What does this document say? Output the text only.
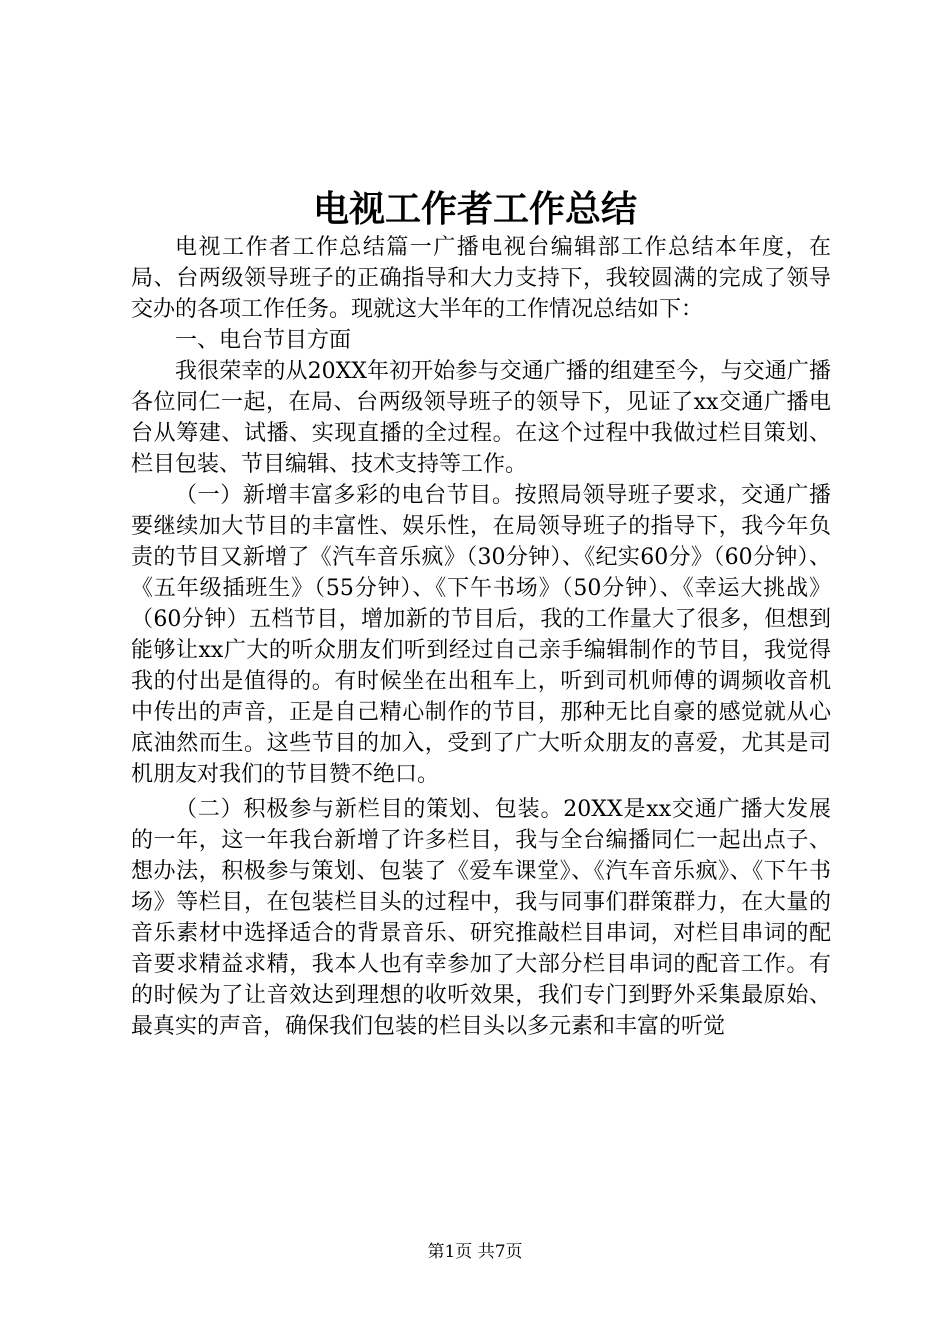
电视工作者工作总结

电视工作者工作总结篇一广播电视台编辑部工作总结本年度，在局、台两级领导班子的正确指导和大力支持下，我较圆满的完成了领导交办的各项工作任务。现就这大半年的工作情况总结如下：

一、电台节目方面

我很荣幸的从20XX年初开始参与交通广播的组建至今，与交通广播各位同仁一起，在局、台两级领导班子的领导下，见证了xx交通广播电台从筹建、试播、实现直播的全过程。在这个过程中我做过栏目策划、栏目包装、节目编辑、技术支持等工作。

（一）新增丰富多彩的电台节目。按照局领导班子要求，交通广播要继续加大节目的丰富性、娱乐性，在局领导班子的指导下，我今年负责的节目又新增了《汽车音乐疯》（30分钟）、《纪实60分》（60分钟）、《五年级插班生》（55分钟）、《下午书场》（50分钟）、《幸运大挑战》（60分钟）五档节目，增加新的节目后，我的工作量大了很多，但想到能够让xx广大的听众朋友们听到经过自己亲手编辑制作的节目，我觉得我的付出是值得的。有时候坐在出租车上，听到司机师傅的调频收音机中传出的声音，正是自己精心制作的节目，那种无比自豪的感觉就从心底油然而生。这些节目的加入，受到了广大听众朋友的喜爱，尤其是司机朋友对我们的节目赞不绝口。

（二）积极参与新栏目的策划、包装。20XX是xx交通广播大发展的一年，这一年我台新增了许多栏目，我与全台编播同仁一起出点子、想办法，积极参与策划、包装了《爱车课堂》、《汽车音乐疯》、《下午书场》等栏目，在包装栏目头的过程中，我与同事们群策群力，在大量的音乐素材中选择适合的背景音乐、研究推敲栏目串词，对栏目串词的配音要求精益求精，我本人也有幸参加了大部分栏目串词的配音工作。有的时候为了让音效达到理想的收听效果，我们专门到野外采集最原始、最真实的声音，确保我们包装的栏目头以多元素和丰富的听觉

第1页 共7页
